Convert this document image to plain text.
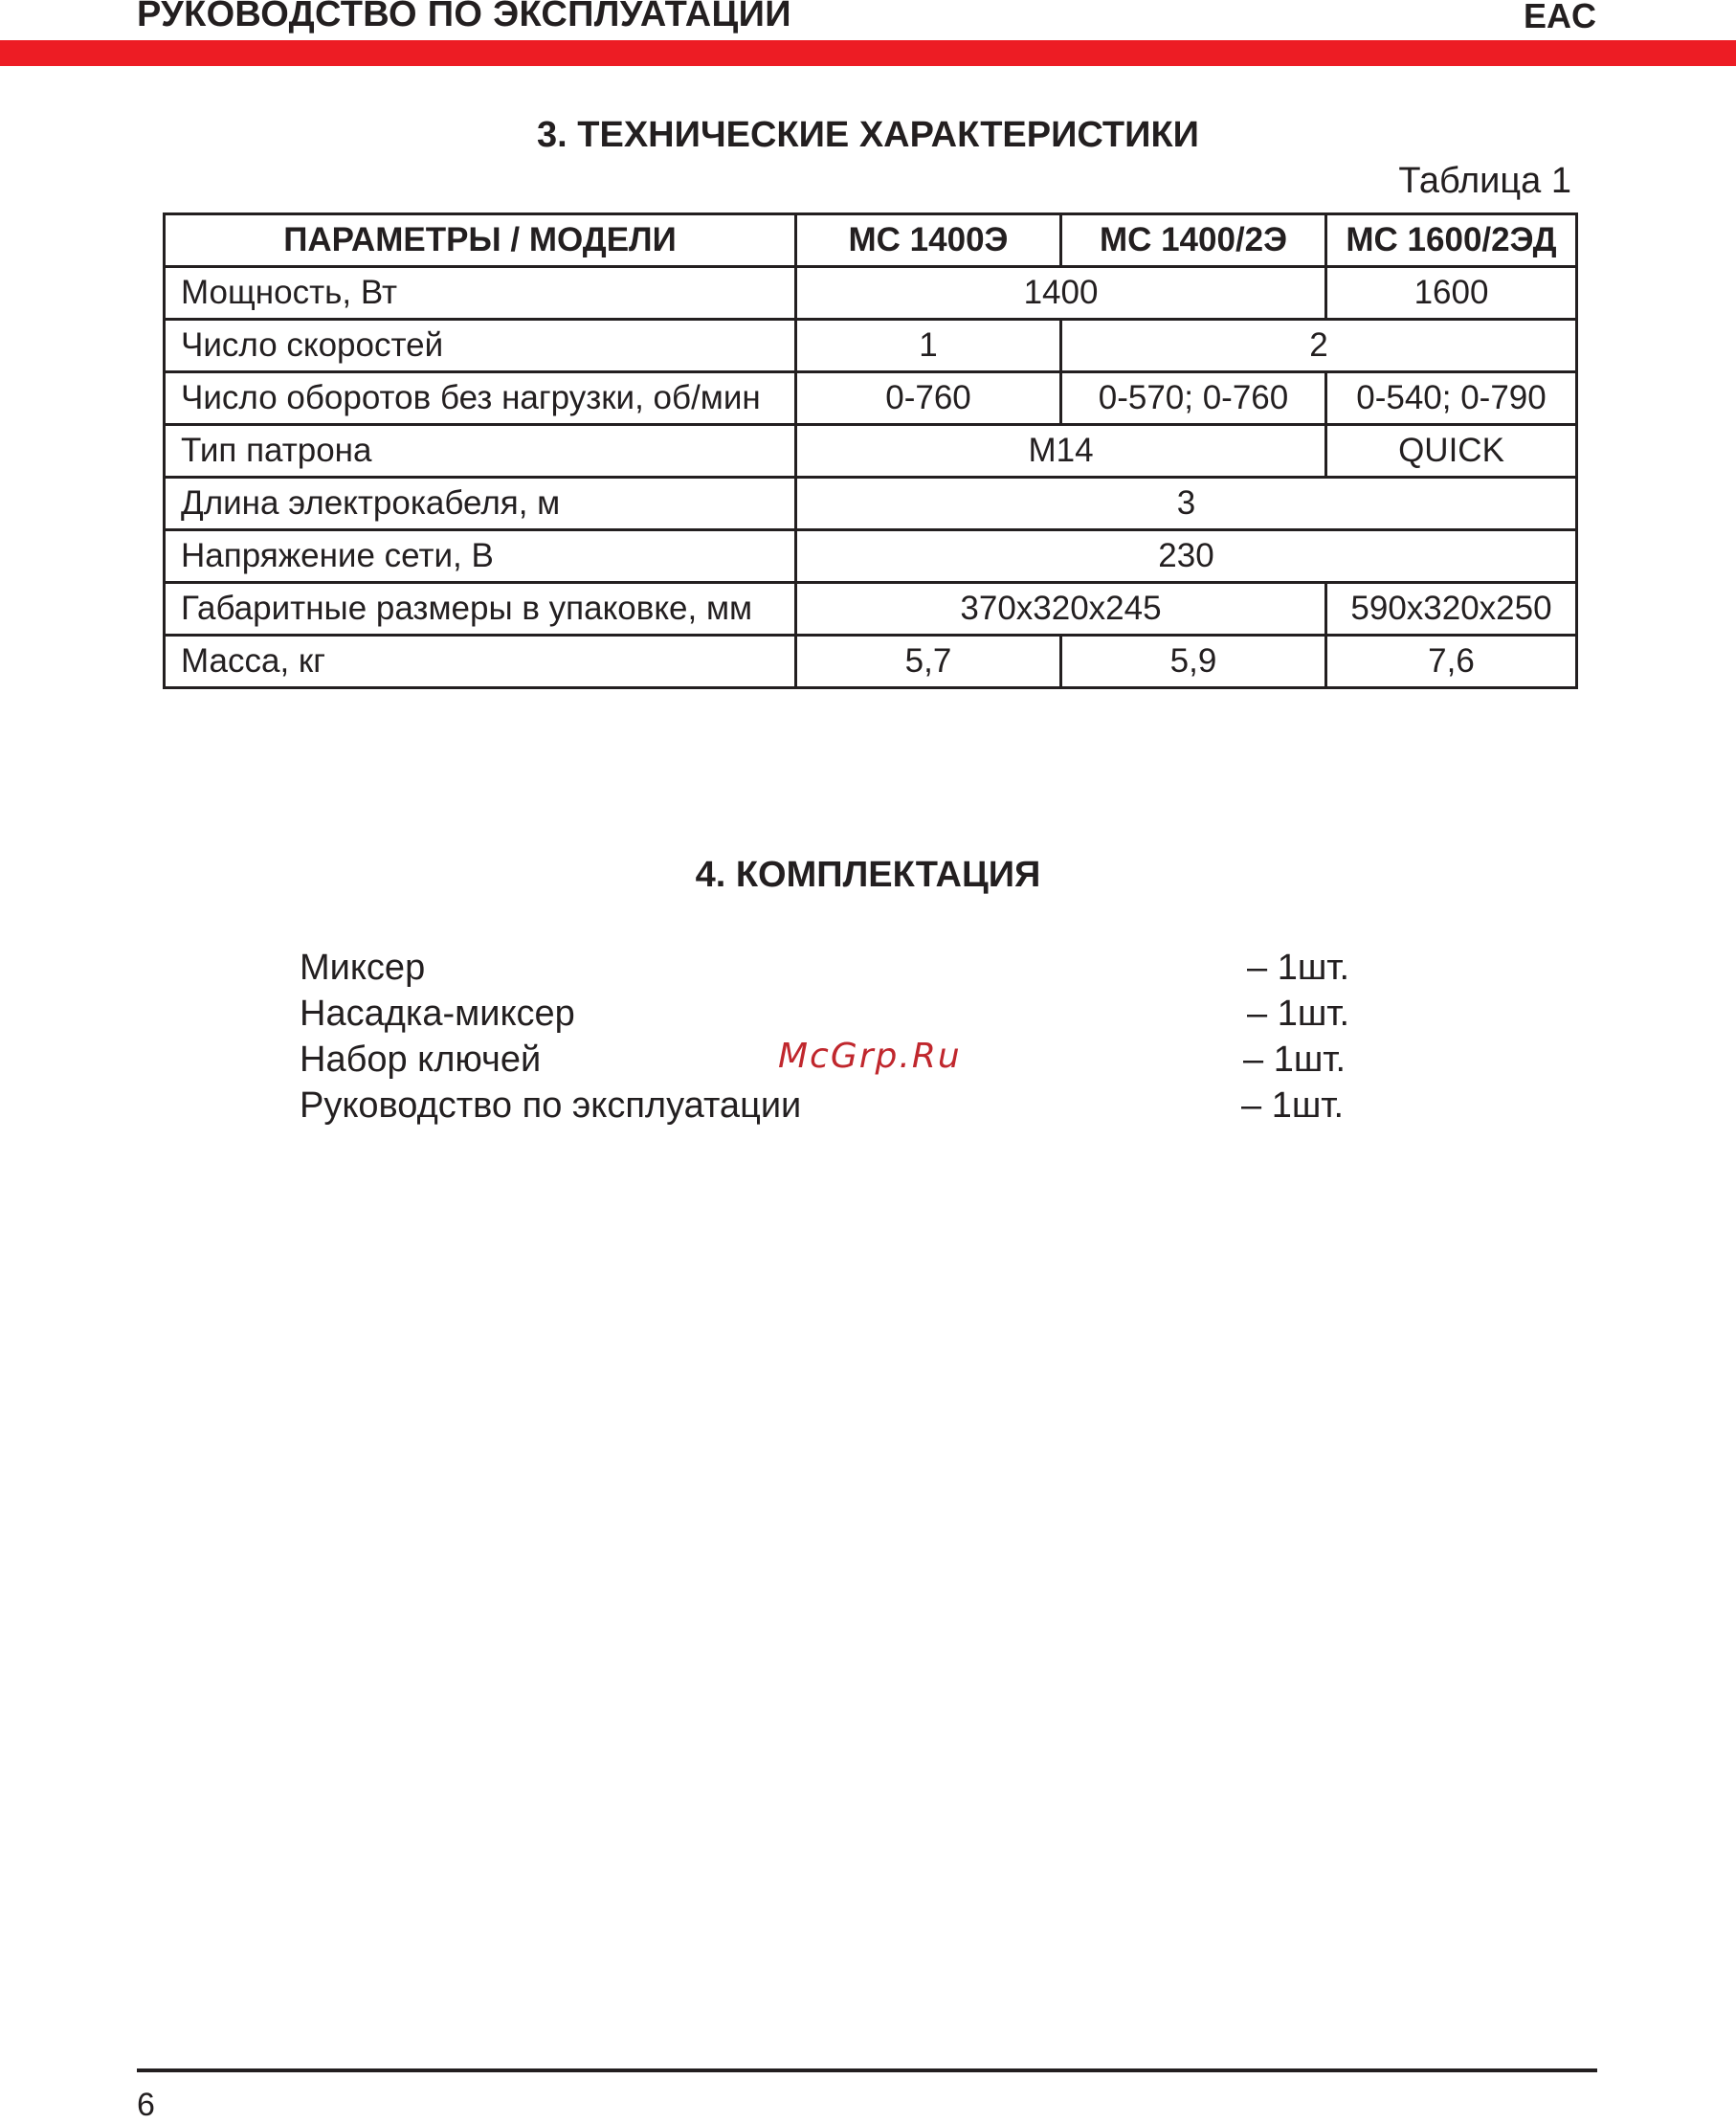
РУКОВОДСТВО ПО ЭКСПЛУАТАЦИИ	EAC
3. ТЕХНИЧЕСКИЕ ХАРАКТЕРИСТИКИ
Таблица 1
ПАРАМЕТРЫ / МОДЕЛИ	МС 1400Э	МС 1400/2Э	МС 1600/2ЭД
Мощность, Вт	1400		1600
Число скоростей	1	2	
Число оборотов без нагрузки, об/мин	0-760	0-570; 0-760	0-540; 0-790
Тип патрона	М14		QUICK
Длина электрокабеля, м	3		
Напряжение сети, В	230		
Габаритные размеры в упаковке, мм	370х320х245		590х320х250
Масса, кг	5,7	5,9	7,6
4. КОМПЛЕКТАЦИЯ
Миксер	– 1шт.
Насадка-миксер	– 1шт.
Набор ключей	– 1шт.
Руководство по эксплуатации	– 1шт.
McGrp.Ru
6
